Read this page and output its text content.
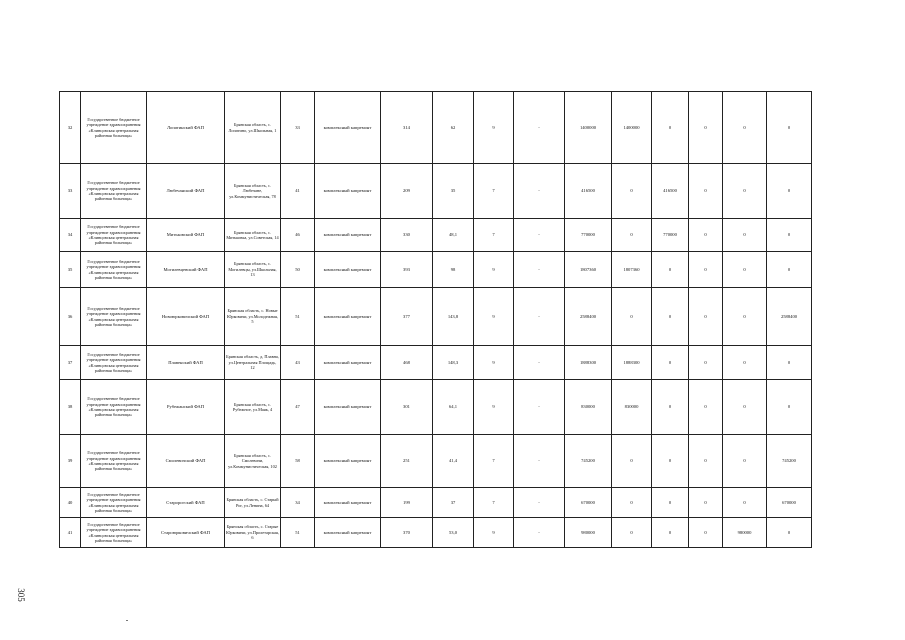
32	Государственное бюджетное учреждение здравоохранения «Клинцовская центральная районная больница»	Лопатинский ФАП	Брянская область, с. Лопатино, ул.Школьная, 1	33	комплексный капремонт	314	62	9	-	1400000	1400000	0	0	0	0
33	Государственное бюджетное учреждение здравоохранения «Клинцовская центральная районная больница»	Любечанский ФАП	Брянская область, с. Любечане, ул.Коммунистическая, 78	41	комплексный капремонт	209	35	7	-	416500	0	416500	0	0	0
34	Государственное бюджетное учреждение здравоохранения «Клинцовская центральная районная больница»	Митьковский ФАП	Брянская область, с. Митьковка, ул.Советская, 14	46	комплексный капремонт	330	48,1	7	-	770000	0	770000	0	0	0
35	Государственное бюджетное учреждение здравоохранения «Клинцовская центральная районная больница»	Могилевцевский ФАП	Брянская область, с. Могилевцы, ул.Школьная, 13	50	комплексный капремонт	393	98	9	-	1807360	1807360	0	0	0	0
36	Государственное бюджетное учреждение здравоохранения «Клинцовская центральная районная больница»	Новоюрковичский ФАП	Брянская область, с. Новые Юрковичи, ул.Молодежная, 5	51	комплексный капремонт	377	143,8	9	-	2588400	0	0	0	0	2588400
37	Государственное бюджетное учреждение здравоохранения «Клинцовская центральная районная больница»	Плавенский ФАП	Брянская область, д. Плавна, ул.Центральная Площадь, 12	43	комплексный капремонт	468	148,3	9	-	1888300	1888300	0	0	0	0
38	Государственное бюджетное учреждение здравоохранения «Клинцовская центральная районная больница»	Рубежанский ФАП	Брянская область, с. Рубежное, ул.Маяк, 4	47	комплексный капремонт	301	64,1	9	-	830000	830000	0	0	0	0
39	Государственное бюджетное учреждение здравоохранения «Клинцовская центральная районная больница»	Смолевичский ФАП	Брянская область, с. Смолевичи, ул.Коммунистическая, 102	58	комплексный капремонт	251	41,4	7	-	745200	0	0	0	0	745200
40	Государственное бюджетное учреждение здравоохранения «Клинцовская центральная районная больница»	Старорогский ФАП	Брянская область, с. Старый Рог, ул.Ленина, 64	34	комплексный капремонт	199	37	7	-	670000	0	0	0	0	670000
41	Государственное бюджетное учреждение здравоохранения «Клинцовская центральная районная больница»	Староюрковичский ФАП	Брянская область, с. Старые Юрковичи, ул.Пролетарская, 6	51	комплексный капремонт	370	53,0	9	-	980000	0	0	0	980000	0
305
